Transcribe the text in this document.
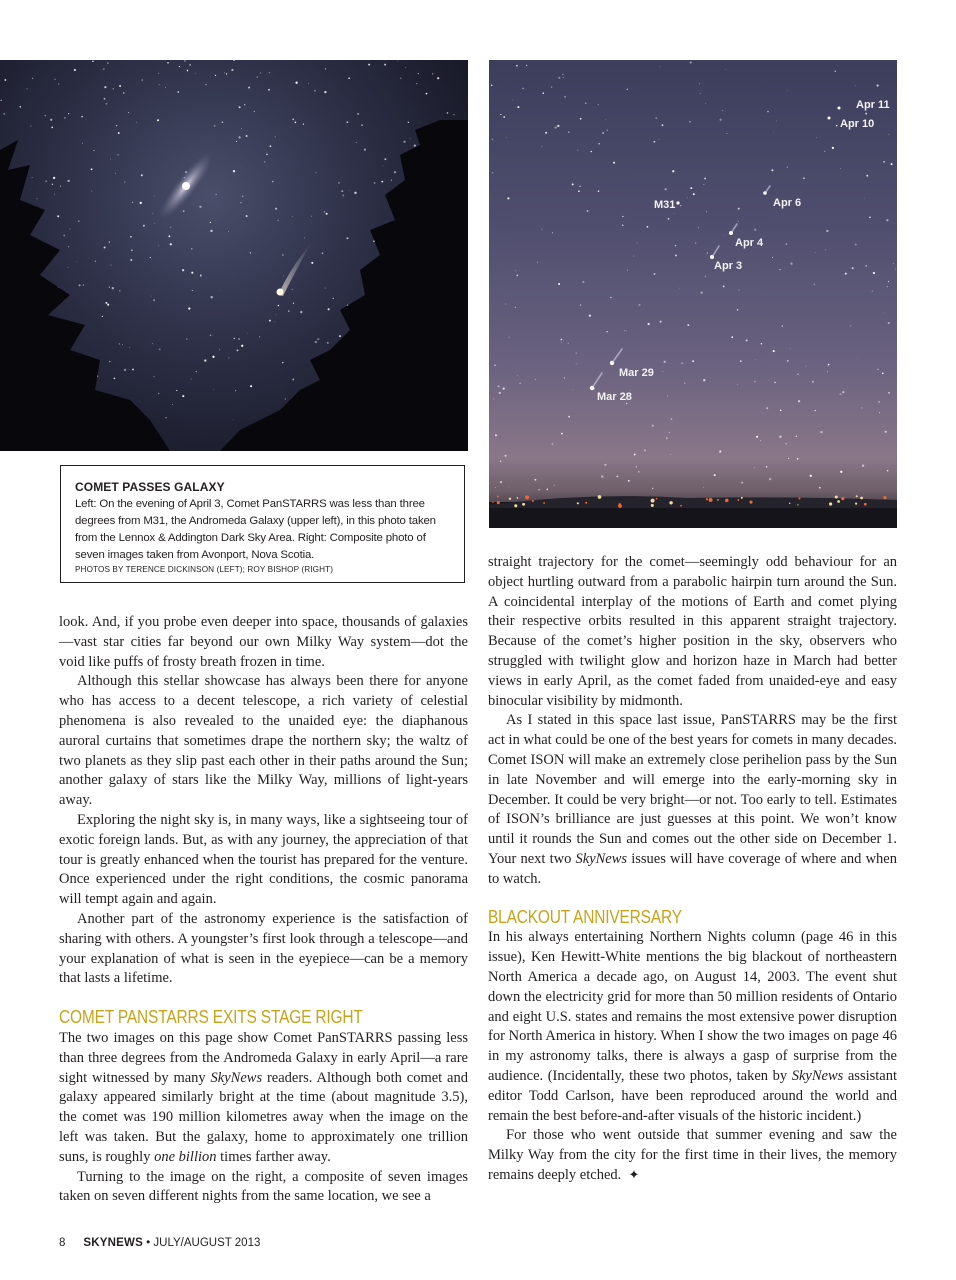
Apr 11
Apr 10
M31	Apr 6
Apr 4
Apr 3
Mar 29
Mar 28
COMET PASSES GALAXY
Left: On the evening of April 3, Comet PanSTARRS was less than three degrees from M31, the Andromeda Galaxy (upper left), in this photo taken from the Lennox & Addington Dark Sky Area. Right: Composite photo of seven images taken from Avonport, Nova Scotia.
PHOTOS BY TERENCE DICKINSON (LEFT); ROY BISHOP (RIGHT)

look. And, if you probe even deeper into space, thousands of galaxies—vast star cities far beyond our own Milky Way system—dot the void like puffs of frosty breath frozen in time.

Although this stellar showcase has always been there for anyone who has access to a decent telescope, a rich variety of celestial phenomena is also revealed to the unaided eye: the diaphanous auroral curtains that sometimes drape the northern sky; the waltz of two planets as they slip past each other in their paths around the Sun; another galaxy of stars like the Milky Way, millions of light-years away.

Exploring the night sky is, in many ways, like a sightseeing tour of exotic foreign lands. But, as with any journey, the appreciation of that tour is greatly enhanced when the tourist has prepared for the venture. Once experienced under the right conditions, the cosmic panorama will tempt again and again.

Another part of the astronomy experience is the satisfaction of sharing with others. A youngster’s first look through a telescope—and your explanation of what is seen in the eyepiece—can be a memory that lasts a lifetime.

COMET PANSTARRS EXITS STAGE RIGHT

The two images on this page show Comet PanSTARRS passing less than three degrees from the Andromeda Galaxy in early April—a rare sight witnessed by many SkyNews readers. Although both comet and galaxy appeared similarly bright at the time (about magnitude 3.5), the comet was 190 million kilometres away when the image on the left was taken. But the galaxy, home to approximately one trillion suns, is roughly one billion times farther away.

Turning to the image on the right, a composite of seven images taken on seven different nights from the same location, we see a

straight trajectory for the comet—seemingly odd behaviour for an object hurtling outward from a parabolic hairpin turn around the Sun. A coincidental interplay of the motions of Earth and comet plying their respective orbits resulted in this apparent straight trajectory. Because of the comet’s higher position in the sky, observers who struggled with twilight glow and horizon haze in March had better views in early April, as the comet faded from unaided-eye and easy binocular visibility by midmonth.

As I stated in this space last issue, PanSTARRS may be the first act in what could be one of the best years for comets in many decades. Comet ISON will make an extremely close perihelion pass by the Sun in late November and will emerge into the early-morning sky in December. It could be very bright—or not. Too early to tell. Estimates of ISON’s brilliance are just guesses at this point. We won’t know until it rounds the Sun and comes out the other side on December 1. Your next two SkyNews issues will have coverage of where and when to watch.

BLACKOUT ANNIVERSARY

In his always entertaining Northern Nights column (page 46 in this issue), Ken Hewitt-White mentions the big blackout of northeastern North America a decade ago, on August 14, 2003. The event shut down the electricity grid for more than 50 million residents of Ontario and eight U.S. states and remains the most extensive power disruption for North America in history. When I show the two images on page 46 in my astronomy talks, there is always a gasp of surprise from the audience. (Incidentally, these two photos, taken by SkyNews assistant editor Todd Carlson, have been reproduced around the world and remain the best before-and-after visuals of the historic incident.)

For those who went outside that summer evening and saw the Milky Way from the city for the first time in their lives, the memory remains deeply etched. ✦

8 SKYNEWS • JULY/AUGUST 2013
